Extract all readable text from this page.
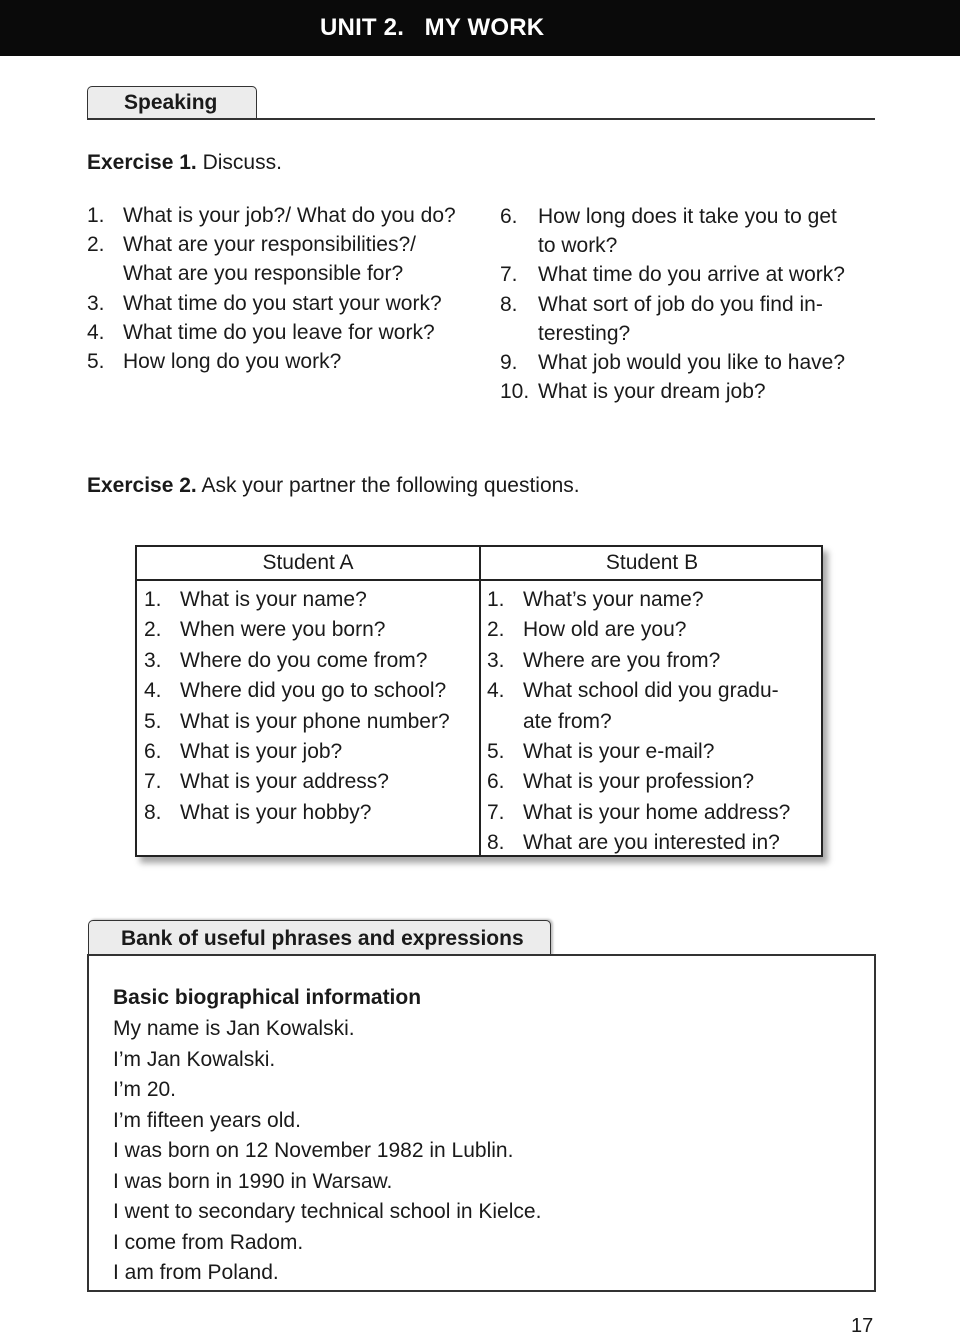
UNIT 2.   MY WORK
Speaking
Exercise 1. Discuss.
1. What is your job?/ What do you do?
2. What are your responsibilities?/
What are you responsible for?
3. What time do you start your work?
4. What time do you leave for work?
5. How long do you work?
6. How long does it take you to get
to work?
7. What time do you arrive at work?
8. What sort of job do you find in-
teresting?
9. What job would you like to have?
10. What is your dream job?
Exercise 2. Ask your partner the following questions.
Student A	Student B
1. What is your name?
2. When were you born?
3. Where do you come from?
4. Where did you go to school?
5. What is your phone number?
6. What is your job?
7. What is your address?
8. What is your hobby?
1. What’s your name?
2. How old are you?
3. Where are you from?
4. What school did you gradu-
ate from?
5. What is your e-mail?
6. What is your profession?
7. What is your home address?
8. What are you interested in?
Bank of useful phrases and expressions
Basic biographical information
My name is Jan Kowalski.
I’m Jan Kowalski.
I’m 20.
I’m fifteen years old.
I was born on 12 November 1982 in Lublin.
I was born in 1990 in Warsaw.
I went to secondary technical school in Kielce.
I come from Radom.
I am from Poland.
17
